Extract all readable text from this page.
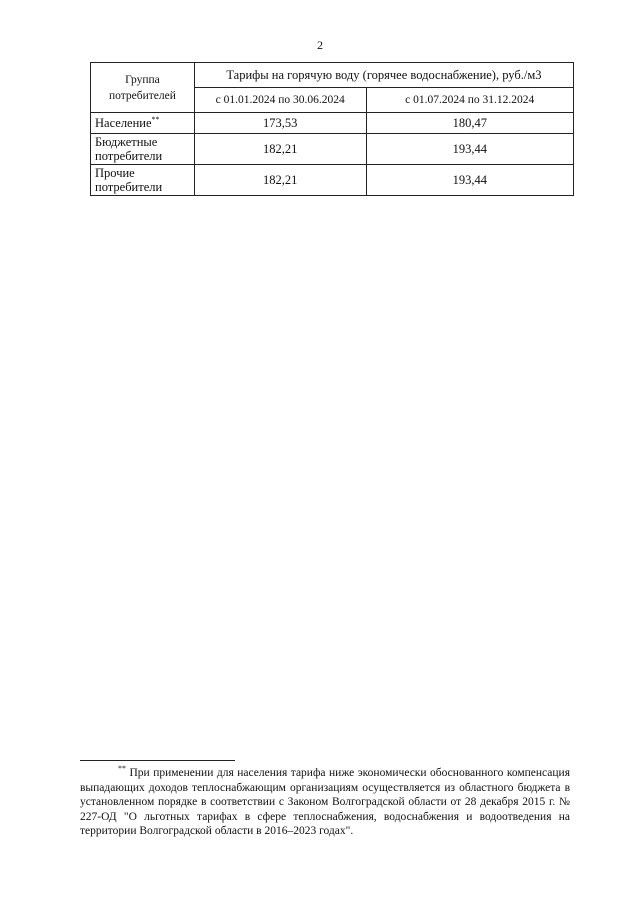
2
Группа потребителей	Тарифы на горячую воду (горячее водоснабжение), руб./м3	
	с 01.01.2024 по 30.06.2024	с 01.07.2024 по 31.12.2024
Население**	173,53	180,47
Бюджетные потребители	182,21	193,44
Прочие потребители	182,21	193,44
** При применении для населения тарифа ниже экономически обоснованного компенсация выпадающих доходов теплоснабжающим организациям осуществляется из областного бюджета в установленном порядке в соответствии с Законом Волгоградской области от 28 декабря 2015 г. № 227-ОД "О льготных тарифах в сфере теплоснабжения, водоснабжения и водоотведения на территории Волгоградской области в 2016–2023 годах".
